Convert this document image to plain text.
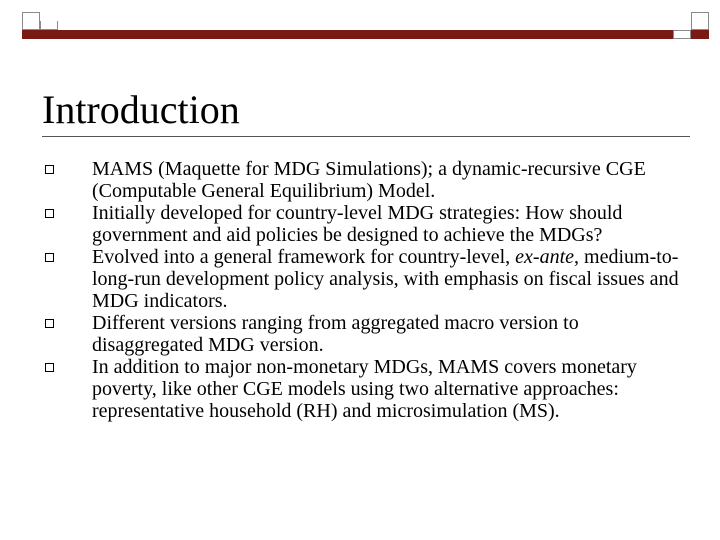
Introduction
MAMS (Maquette for MDG Simulations); a dynamic-recursive CGE (Computable General Equilibrium) Model.
Initially developed for country-level MDG strategies: How should government and aid policies be designed to achieve the MDGs?
Evolved into a general framework for country-level, ex-ante, medium-to-long-run development policy analysis, with emphasis on fiscal issues and MDG indicators.
Different versions ranging from aggregated macro version to disaggregated MDG version.
In addition to major non-monetary MDGs, MAMS covers monetary poverty, like other CGE models using two alternative approaches: representative household (RH) and microsimulation (MS).
